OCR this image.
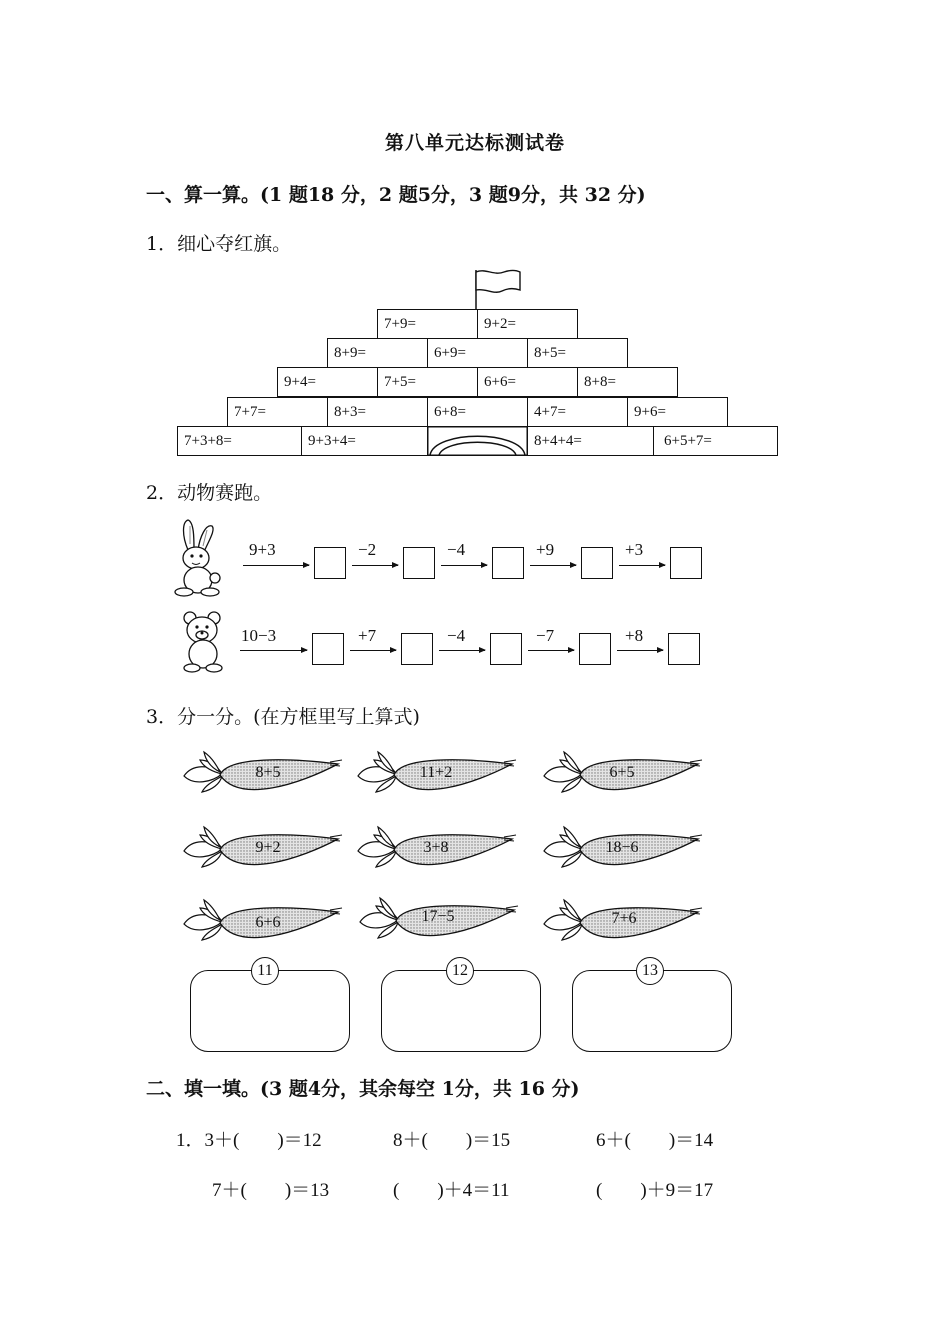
第八单元达标测试卷
一、算一算。(1 题18 分，2 题5分，3 题9分，共 32 分)
1．细心夺红旗。
7+9=	9+2=
8+9=	6+9=	8+5=
9+4=	7+5=	6+6=	8+8=
7+7=	8+3=	6+8=	4+7=	9+6=
7+3+8=	9+3+4=	8+4+4=	6+5+7=
2．动物赛跑。
9+3	−2	−4	+9	+3
10−3	+7	−4	−7	+8
3．分一分。(在方框里写上算式)
8+5	11+2	6+5
9+2	3+8	18−6
6+6	17−5	7+6
11	12	13
二、填一填。(3 题4分，其余每空 1分，共 16 分)
1．3＋(　　)＝12	8＋(　　)＝15	6＋(　　)＝14
7＋(　　)＝13	(　　)＋4＝11	(　　)＋9＝17
